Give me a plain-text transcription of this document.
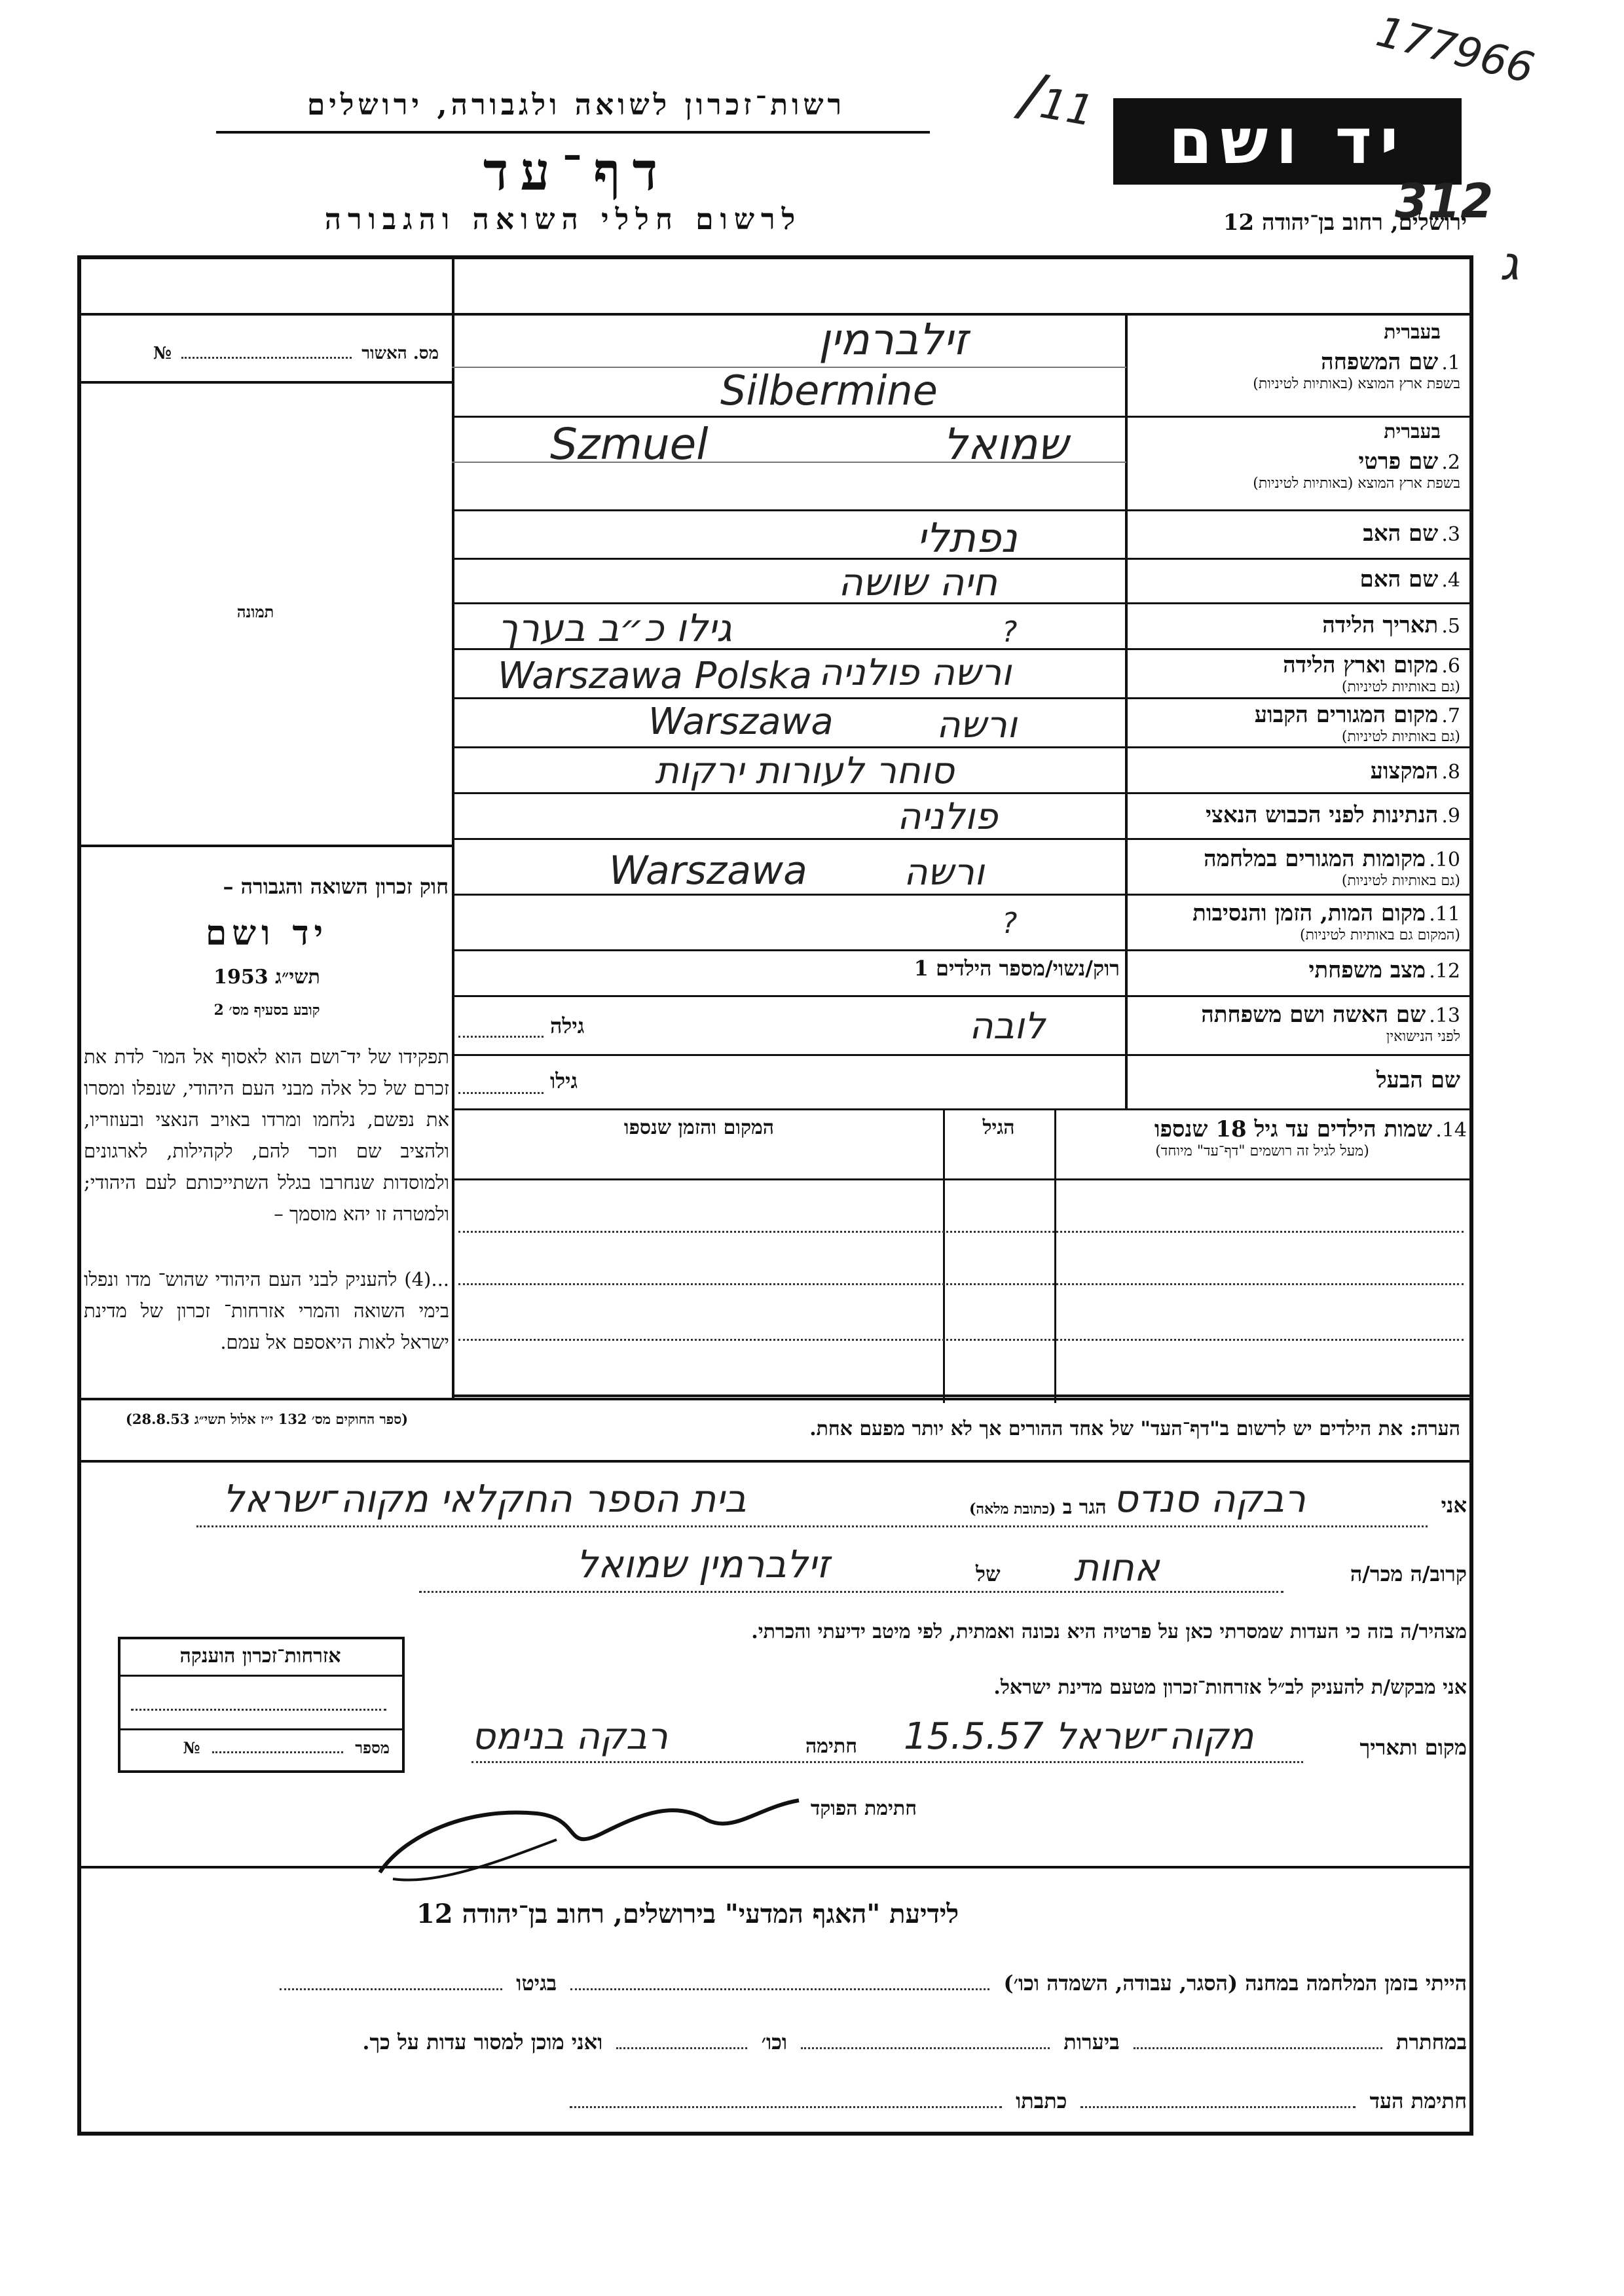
רשות־זכרון לשואה ולגבורה, ירושלים
דף־עד
לרשום חללי השואה והגבורה
יד ושם
ירושלים, רחוב בן־יהודה 12
177966
/11
312
ג
מס. האשור  №
תמונה
חוק זכרון השואה והגבורה –
יד ושם
תשי״ג 1953
קובע בסעיף מס׳ 2
תפקידו של יד־ושם הוא לאסוף אל המו־ לדת את זכרם של כל אלה מבני העם היהודי, שנפלו ומסרו את נפשם, נלחמו ומרדו באויב הנאצי ובעוזריו, ולהציב שם וזכר להם, לקהילות, לארגונים ולמוסדות שנחרבו בגלל השתייכותם לעם היהודי; ולמטרה זו יהא מוסמך –
...(4) להעניק לבני העם היהודי שהוש־ מדו ונפלו בימי השואה והמרי אזרחות־ זכרון של מדינת ישראל לאות היאספם אל עמם.
(ספר החוקים מס׳ 132 י״ז אלול תשי״ג 28.8.53)
בעברית
1. שם המשפחה
בשפת ארץ המוצא (באותיות לטיניות)
זילברמין
Silbermine
בעברית
2. שם פרטי
בשפת ארץ המוצא (באותיות לטיניות)
Szmuel	שמואל
3. שם האב
נפתלי
4. שם האם
חיה שושה
5. תאריך הלידה
גילו כ״ב בערך	?
6. מקום וארץ הלידה
(גם באותיות לטיניות)
Warszawa Polska ורשה פולניה
7. מקום המגורים הקבוע
(גם באותיות לטיניות)
Warszawa	ורשה
8. המקצוע
סוחר לעורות ירקות
9. הנתינות לפני הכבוש הנאצי
פולניה
10. מקומות המגורים במלחמה
(גם באותיות לטיניות)
Warszawa	ורשה
11. מקום המות, הזמן והנסיבות
(המקום גם באותיות לטיניות)
?
12. מצב משפחתי
רוק/נשוי/מספר הילדים 1
13. שם האשה ושם משפחתה
לפני הנישואין
לובה
גילה
שם הבעל
גילו
14. שמות הילדים עד גיל 18 שנספו
(מעל לגיל זה רושמים "דף־עד" מיוחד)
הגיל
המקום והזמן שנספו
הערה: את הילדים יש לרשום ב"דף־העד" של אחד ההורים אך לא יותר מפעם אחת.
אני
רבקה סנדס
הגר ב (כתובת מלאה)
בית הספר החקלאי מקוה־ישראל
קרוב/ה מכר/ה
אחות
של
זילברמין שמואל
מצהיר/ה בזה כי העדות שמסרתי כאן על פרטיה היא נכונה ואמתית, לפי מיטב ידיעתי והכרתי.
אני מבקש/ת להעניק לב״ל אזרחות־זכרון מטעם מדינת ישראל.
מקום ותאריך
מקוה־ישראל 15.5.57
חתימה
רבקה בנימס
חתימת הפוקד
אזרחות־זכרון הוענקה
מספר  №
לידיעת "האגף המדעי" בירושלים, רחוב בן־יהודה 12
הייתי בזמן המלחמה במחנה (הסגר, עבודה, השמדה וכו׳)  בגיטו
במחתרת  ביערות  וכו׳  ואני מוכן למסור עדות על כך.
חתימת העד  כתבתו
